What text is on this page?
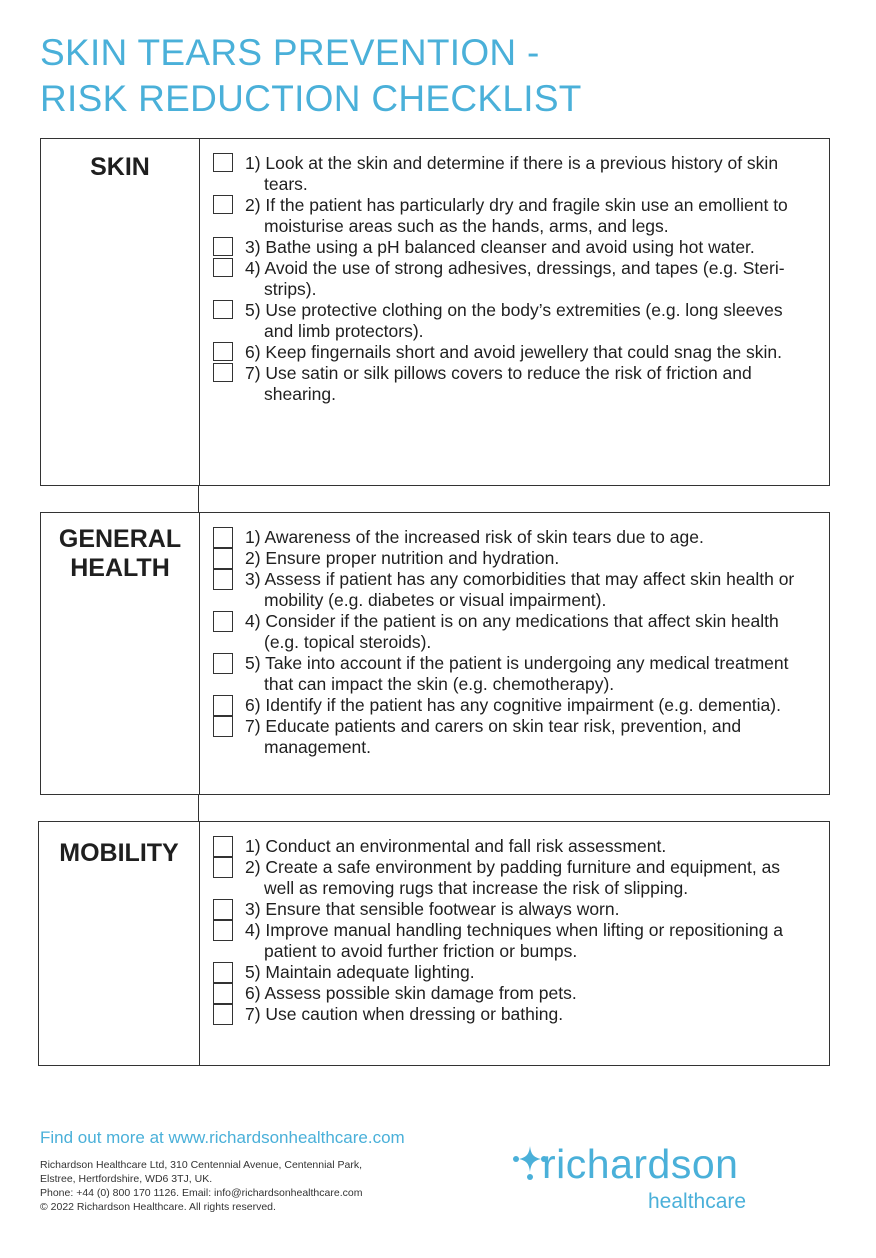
SKIN TEARS PREVENTION -
RISK REDUCTION CHECKLIST
SKIN	1) Look at the skin and determine if there is a previous history of skin tears.
2) If the patient has particularly dry and fragile skin use an emollient to moisturise areas such as the hands, arms, and legs.
3) Bathe using a pH balanced cleanser and avoid using hot water.
4) Avoid the use of strong adhesives, dressings, and tapes (e.g. Steri-strips).
5) Use protective clothing on the body’s extremities (e.g. long sleeves and limb protectors).
6) Keep fingernails short and avoid jewellery that could snag the skin.
7) Use satin or silk pillows covers to reduce the risk of friction and shearing.
GENERAL
HEALTH
1) Awareness of the increased risk of skin tears due to age.
2) Ensure proper nutrition and hydration.
3) Assess if patient has any comorbidities that may affect skin health or mobility (e.g. diabetes or visual impairment).
4) Consider if the patient is on any medications that affect skin health (e.g. topical steroids).
5) Take into account if the patient is undergoing any medical treatment that can impact the skin (e.g. chemotherapy).
6) Identify if the patient has any cognitive impairment (e.g. dementia).
7) Educate patients and carers on skin tear risk, prevention, and management.
MOBILITY	1) Conduct an environmental and fall risk assessment.
2) Create a safe environment by padding furniture and equipment, as well as removing rugs that increase the risk of slipping.
3) Ensure that sensible footwear is always worn.
4) Improve manual handling techniques when lifting or repositioning a patient to avoid further friction or bumps.
5) Maintain adequate lighting.
6) Assess possible skin damage from pets.
7) Use caution when dressing or bathing.
Find out more at www.richardsonhealthcare.com
Richardson Healthcare Ltd, 310 Centennial Avenue, Centennial Park,
Elstree, Hertfordshire, WD6 3TJ, UK.
Phone: +44 (0) 800 170 1126. Email: info@richardsonhealthcare.com
© 2022 Richardson Healthcare. All rights reserved.
richardson
healthcare
